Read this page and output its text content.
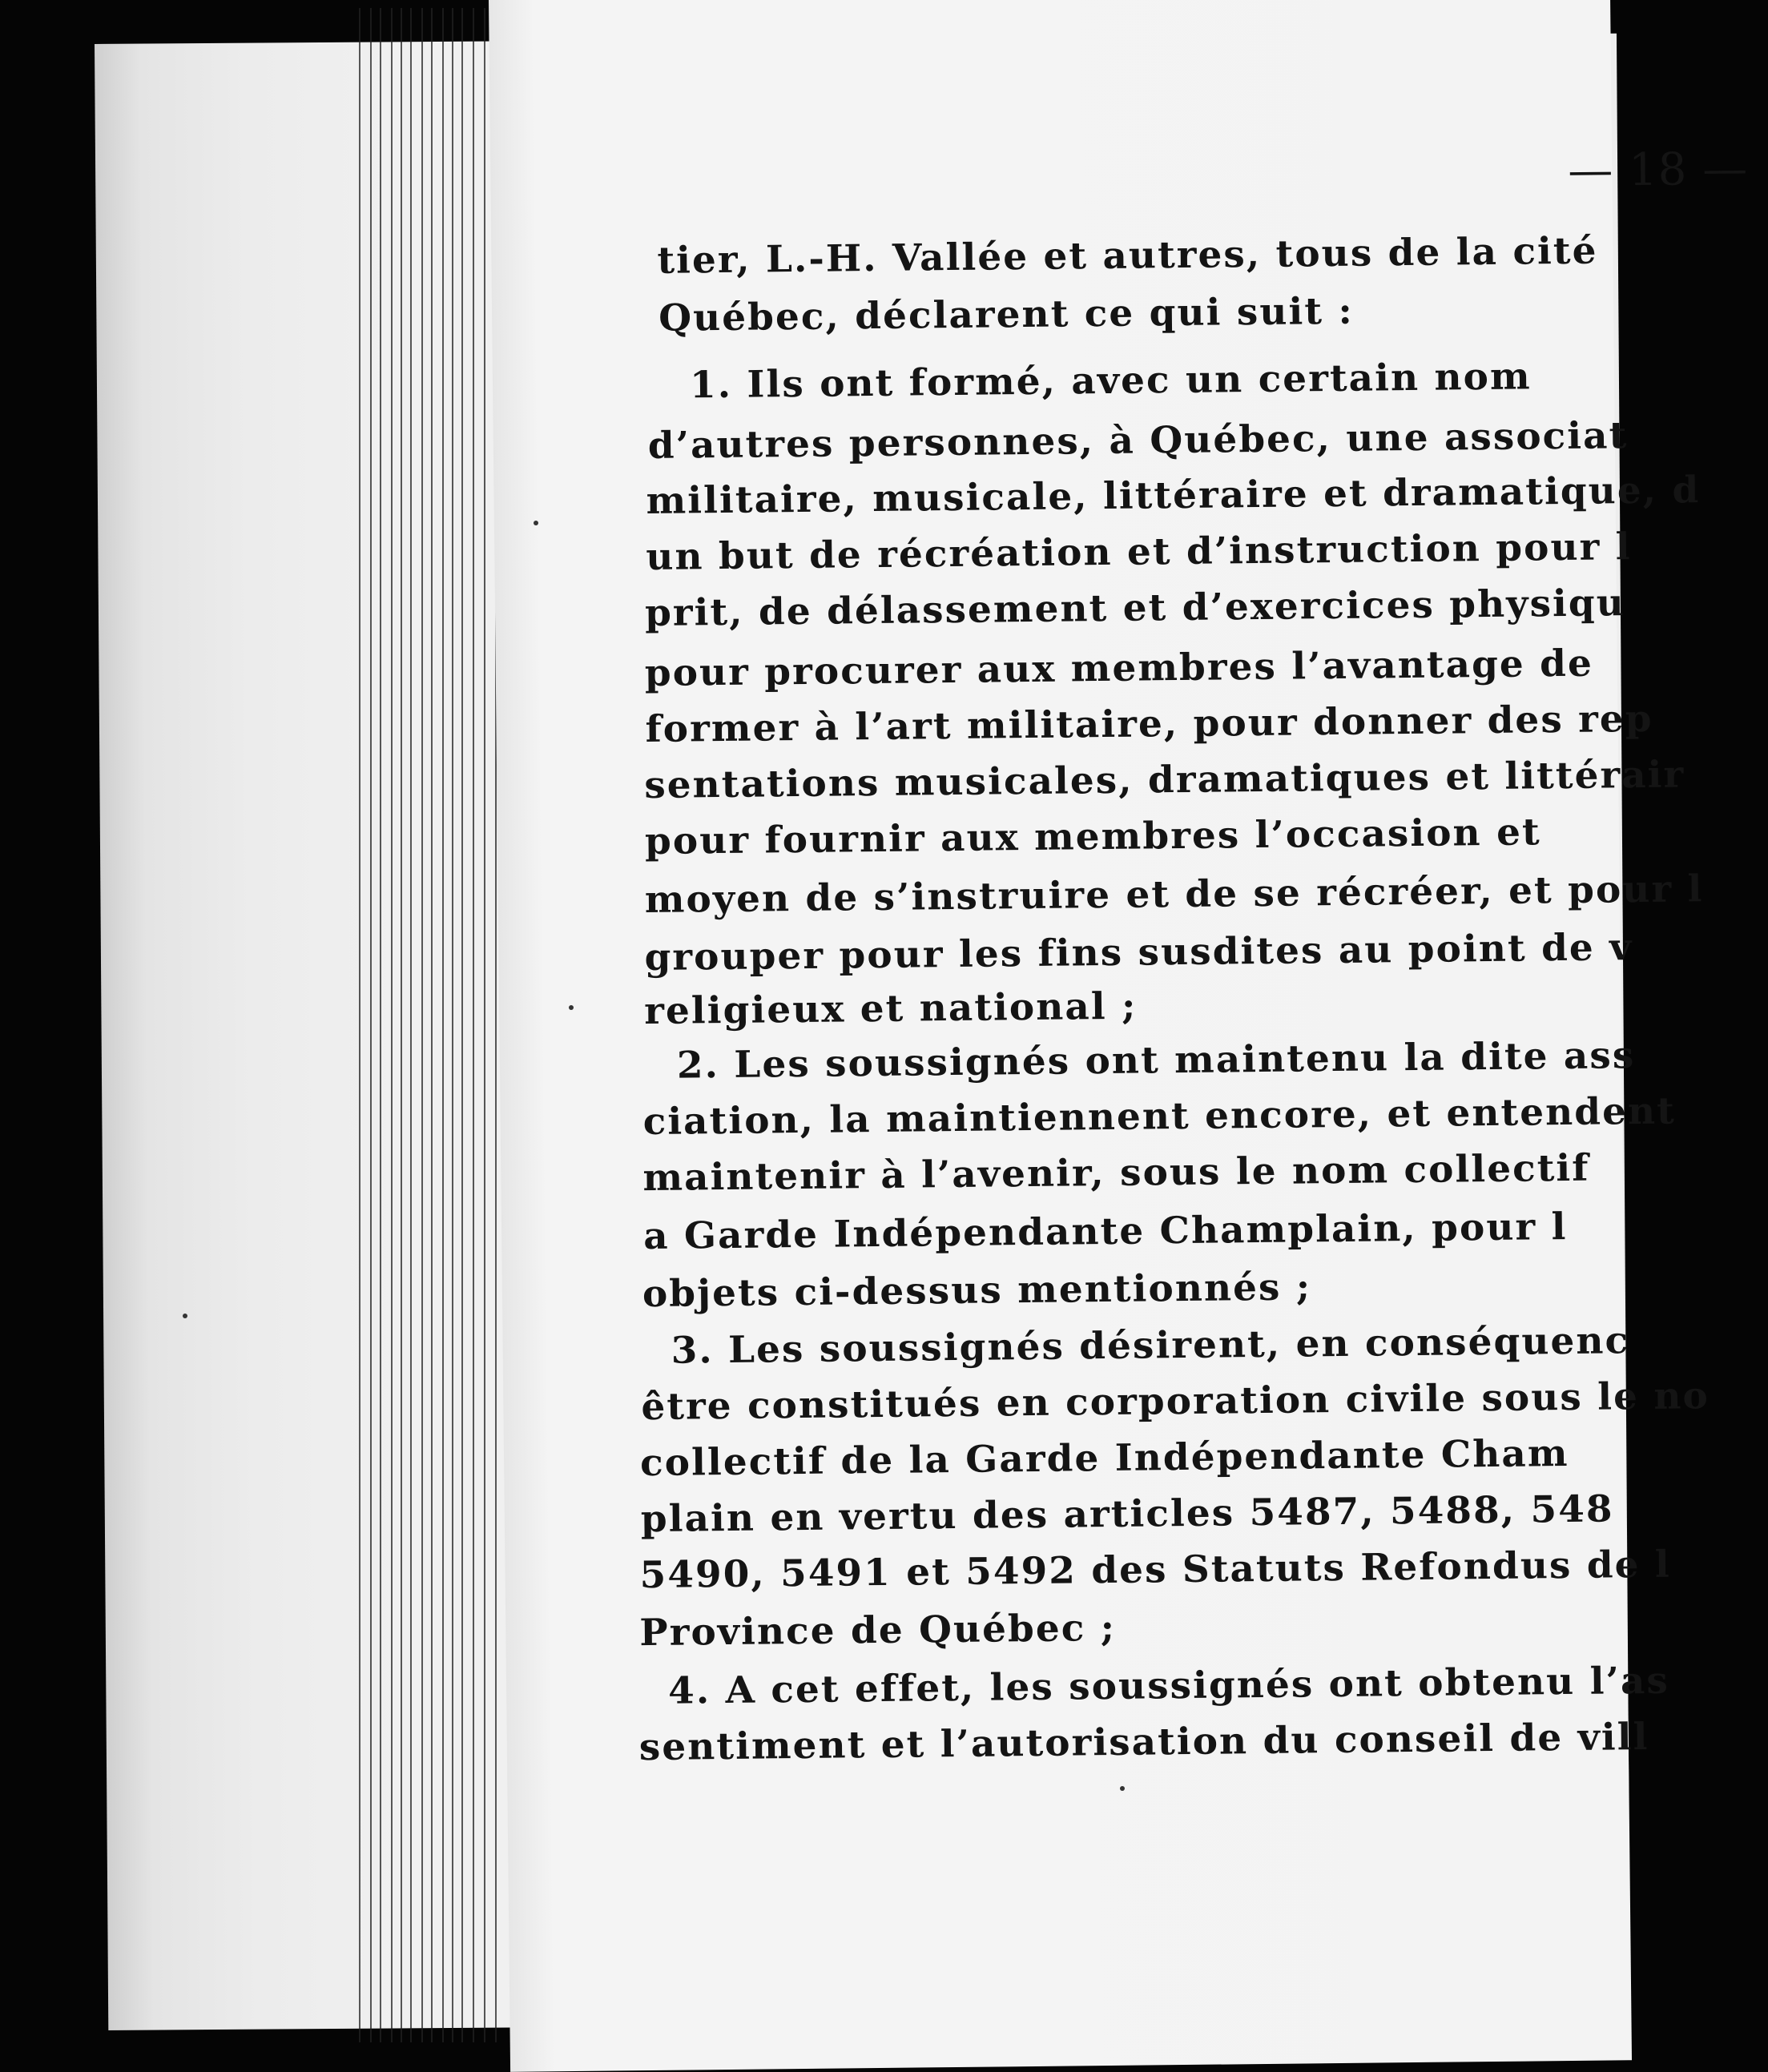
— 18 —
tier, L.-H. Vallée et autres, tous de la cité
Québec, déclarent ce qui suit :
1. Ils ont formé, avec un certain nom
d’autres personnes, à Québec, une associat
militaire, musicale, littéraire et dramatique, d
un but de récréation et d’instruction pour l
prit, de délassement et d’exercices physiqu
pour procurer aux membres l’avantage de
former à l’art militaire, pour donner des rep
sentations musicales, dramatiques et littérair
pour fournir aux membres l’occasion et
moyen de s’instruire et de se récréer, et pour l
grouper pour les fins susdites au point de v
religieux et national ;
2. Les soussignés ont maintenu la dite ass
ciation, la maintiennent encore, et entendent
maintenir à l’avenir, sous le nom collectif
a Garde Indépendante Champlain, pour l
objets ci-dessus mentionnés ;
3. Les soussignés désirent, en conséquenc
être constitués en corporation civile sous le no
collectif de la Garde Indépendante Cham
plain en vertu des articles 5487, 5488, 548
5490, 5491 et 5492 des Statuts Refondus de l
Province de Québec ;
4. A cet effet, les soussignés ont obtenu l’as
sentiment et l’autorisation du conseil de vill
